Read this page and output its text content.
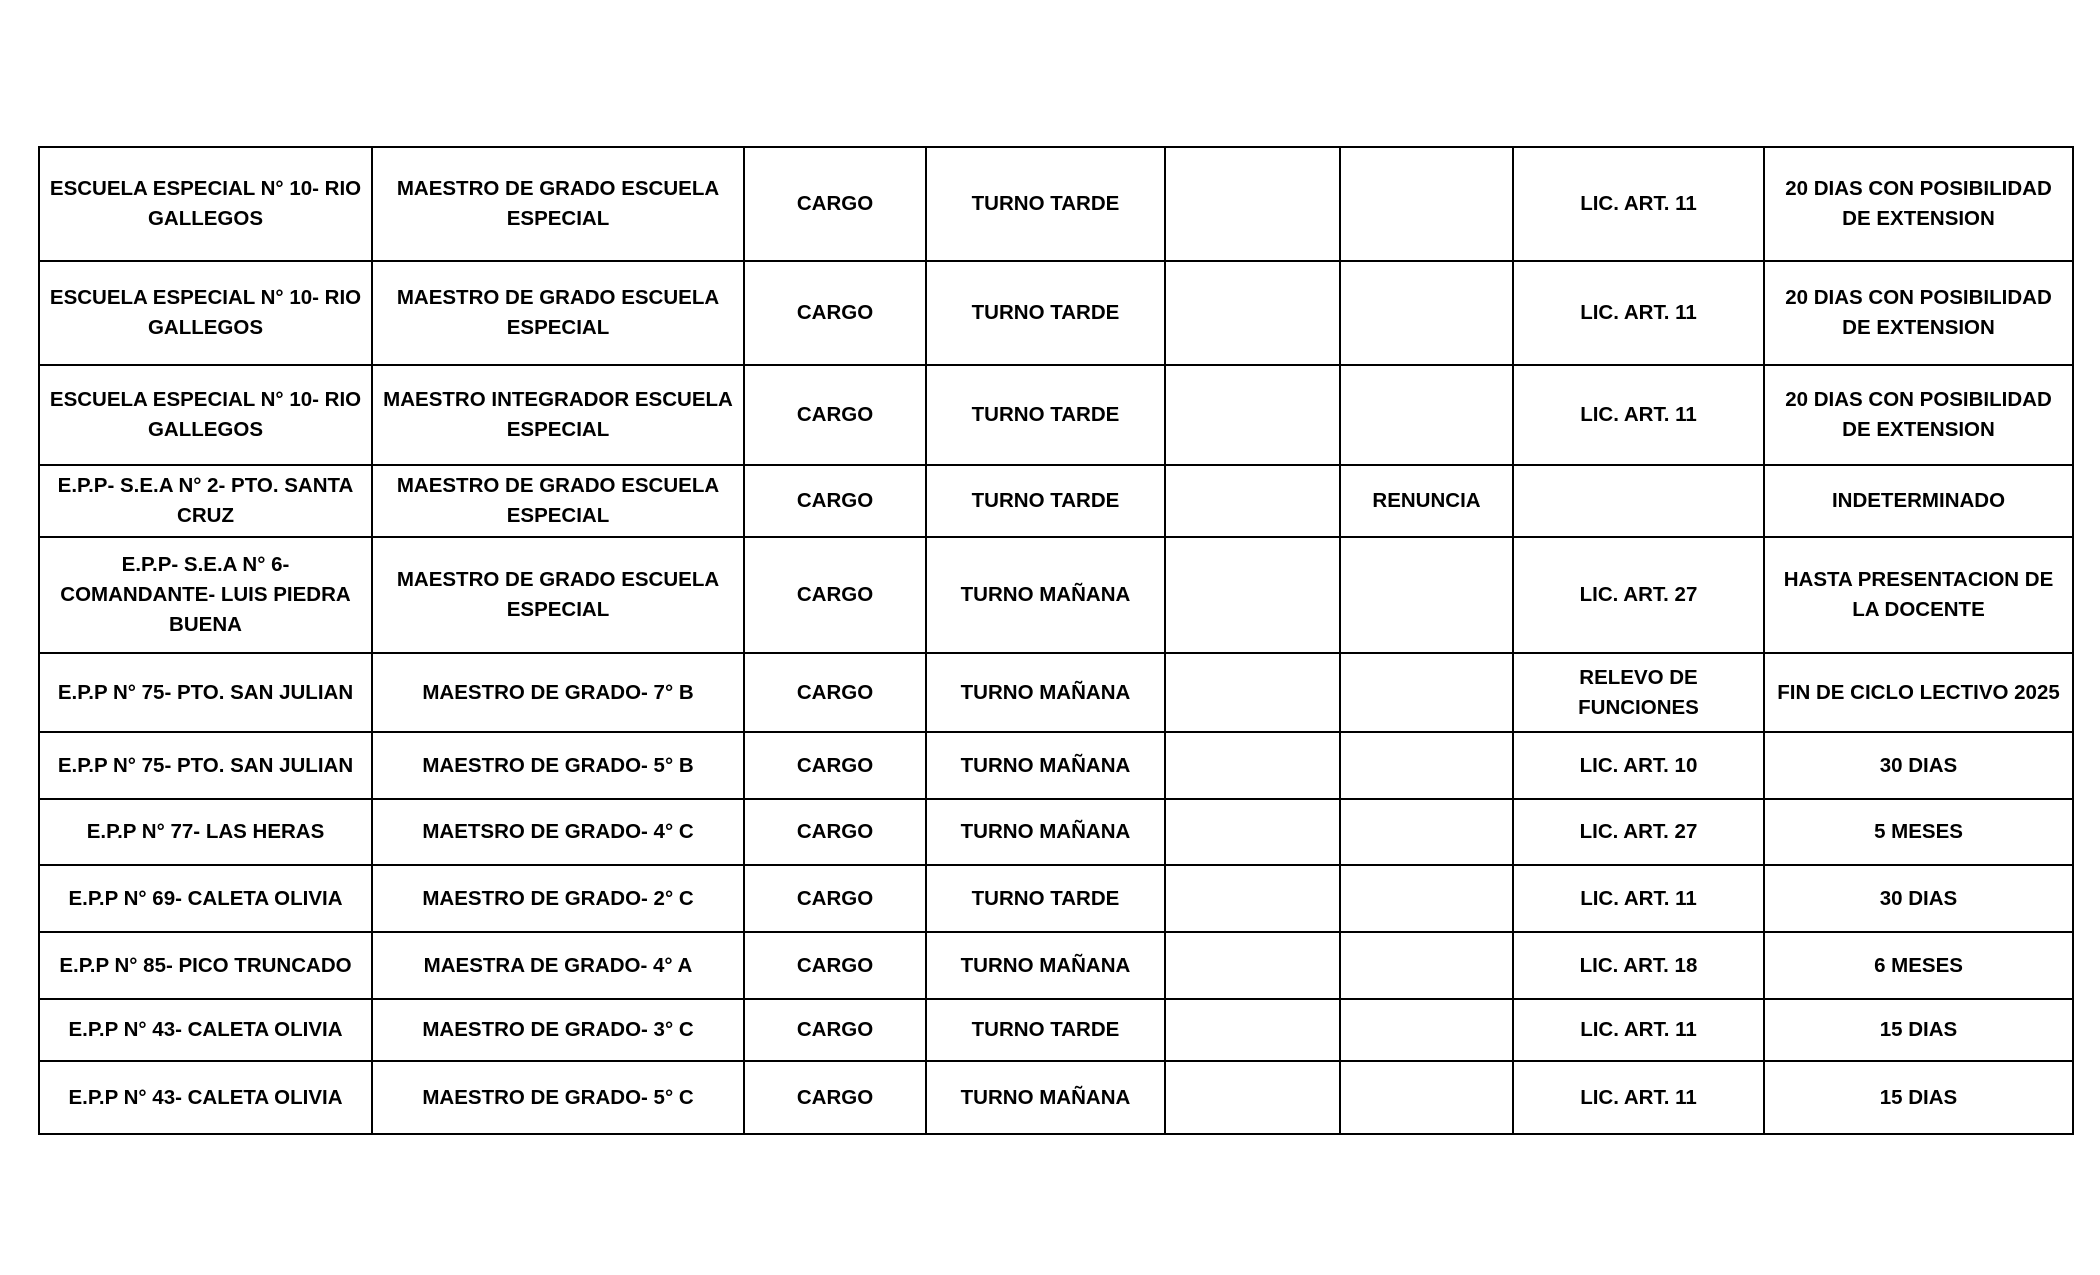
ESCUELA ESPECIAL N° 10- RIO GALLEGOS	MAESTRO DE GRADO ESCUELA ESPECIAL	CARGO	TURNO TARDE			LIC. ART. 11	20 DIAS CON POSIBILIDAD DE EXTENSION
ESCUELA ESPECIAL N° 10- RIO GALLEGOS	MAESTRO DE GRADO ESCUELA ESPECIAL	CARGO	TURNO TARDE			LIC. ART. 11	20 DIAS CON POSIBILIDAD DE EXTENSION
ESCUELA ESPECIAL N° 10- RIO GALLEGOS	MAESTRO INTEGRADOR ESCUELA ESPECIAL	CARGO	TURNO TARDE			LIC. ART. 11	20 DIAS CON POSIBILIDAD DE EXTENSION
E.P.P- S.E.A N° 2- PTO. SANTA CRUZ	MAESTRO DE GRADO ESCUELA ESPECIAL	CARGO	TURNO TARDE		RENUNCIA		INDETERMINADO
E.P.P- S.E.A N° 6- COMANDANTE- LUIS PIEDRA BUENA	MAESTRO DE GRADO ESCUELA ESPECIAL	CARGO	TURNO MAÑANA			LIC. ART. 27	HASTA PRESENTACION DE LA DOCENTE
E.P.P N° 75- PTO. SAN JULIAN	MAESTRO DE GRADO- 7° B	CARGO	TURNO MAÑANA			RELEVO DE FUNCIONES	FIN DE CICLO LECTIVO 2025
E.P.P N° 75- PTO. SAN JULIAN	MAESTRO DE GRADO- 5° B	CARGO	TURNO MAÑANA			LIC. ART. 10	30 DIAS
E.P.P N° 77- LAS HERAS	MAETSRO DE GRADO- 4° C	CARGO	TURNO MAÑANA			LIC. ART. 27	5 MESES
E.P.P N° 69- CALETA OLIVIA	MAESTRO DE GRADO- 2° C	CARGO	TURNO TARDE			LIC. ART. 11	30 DIAS
E.P.P N° 85- PICO TRUNCADO	MAESTRA DE GRADO- 4° A	CARGO	TURNO MAÑANA			LIC. ART. 18	6 MESES
E.P.P N° 43- CALETA OLIVIA	MAESTRO DE GRADO- 3° C	CARGO	TURNO TARDE			LIC. ART. 11	15 DIAS
E.P.P N° 43- CALETA OLIVIA	MAESTRO DE GRADO- 5° C	CARGO	TURNO MAÑANA			LIC. ART. 11	15 DIAS
